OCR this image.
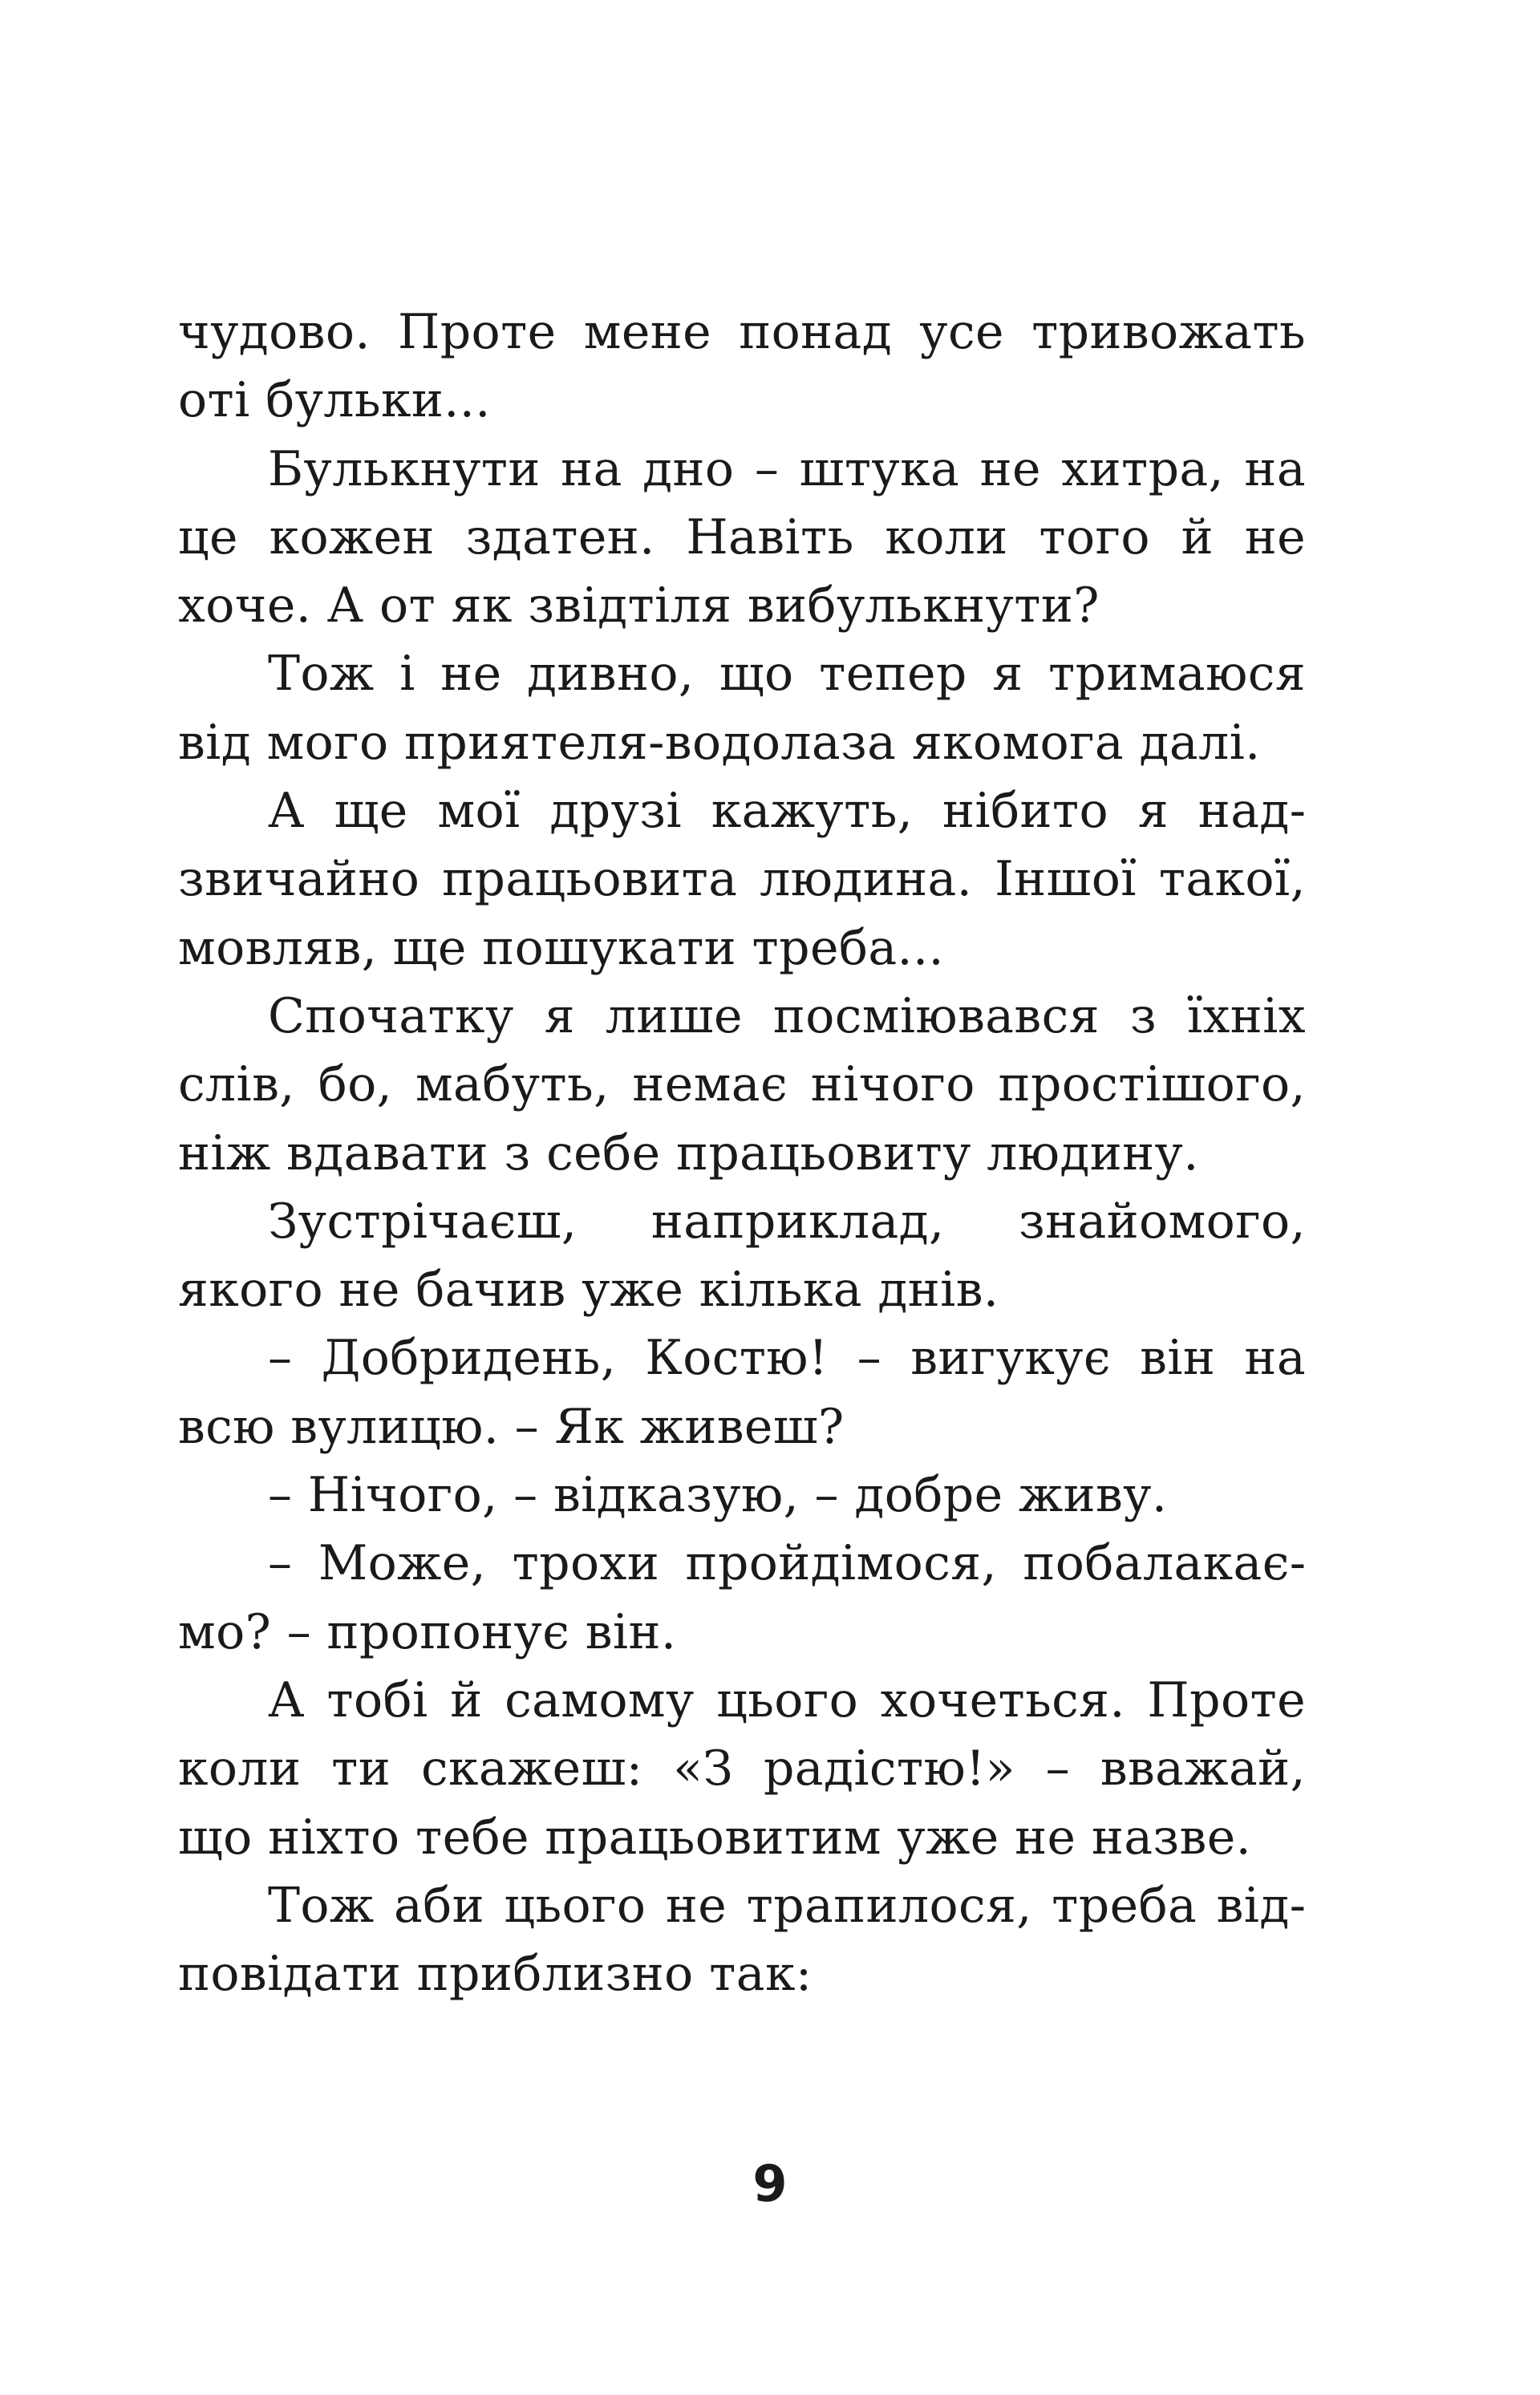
чудово. Проте мене понад усе тривожать оті бульки...

Булькнути на дно – штука не хитра, на це кожен здатен. Навіть коли того й не хоче. А от як звідтіля вибулькнути?

Тож і не дивно, що тепер я тримаюся від мого приятеля-водолаза якомога далі.

А ще мої друзі кажуть, нібито я надзвичайно працьовита людина. Іншої такої, мовляв, ще пошукати треба...

Спочатку я лише посміювався з їхніх слів, бо, мабуть, немає нічого простішого, ніж вдавати з себе працьовиту людину.

Зустрічаєш, наприклад, знайомого, якого не бачив уже кілька днів.

– Добридень, Костю! – вигукує він на всю вулицю. – Як живеш?

– Нічого, – відказую, – добре живу.

– Може, трохи пройдімося, побалакаємо? – пропонує він.

А тобі й самому цього хочеться. Проте коли ти скажеш: «З радістю!» – вважай, що ніхто тебе працьовитим уже не назве.

Тож аби цього не трапилося, треба відповідати приблизно так:

9
